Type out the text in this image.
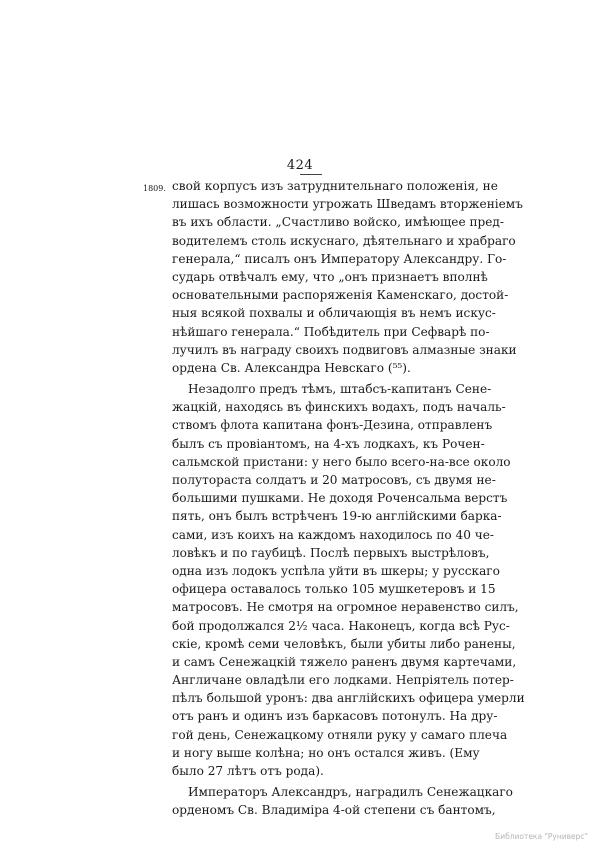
424
1809. свой корпусъ изъ затруднительнаго положенія, не
лишась возможности угрожать Шведамъ вторженіемъ
въ ихъ области. „Счастливо войско, имѣющее пред-
водителемъ столь искуснаго, дѣятельнаго и храбраго
генерала,“ писалъ онъ Императору Александру. Го-
сударь отвѣчалъ ему, что „онъ признаетъ вполнѣ
основательными распоряженія Каменскаго, достой-
ныя всякой похвалы и обличающія въ немъ искус-
нѣйшаго генерала.“ Побѣдитель при Сефварѣ по-
лучилъ въ награду своихъ подвиговъ алмазные знаки
ордена Св. Александра Невскаго (⁵⁵).
Незадолго предъ тѣмъ, штабсъ-капитанъ Сене-
жацкій, находясь въ финскихъ водахъ, подъ началь-
ствомъ флота капитана фонъ-Дезина, отправленъ
былъ съ провіантомъ, на 4-хъ лодкахъ, къ Рочен-
сальмской пристани: у него было всего-на-все около
полутораста солдатъ и 20 матросовъ, съ двумя не-
большими пушками. Не доходя Роченсальма верстъ
пять, онъ былъ встрѣченъ 19-ю англійскими барка-
сами, изъ коихъ на каждомъ находилось по 40 че-
ловѣкъ и по гаубицѣ. Послѣ первыхъ выстрѣловъ,
одна изъ лодокъ успѣла уйти въ шкеры; у русскаго
офицера оставалось только 105 мушкетеровъ и 15
матросовъ. Не смотря на огромное неравенство силъ,
бой продолжался 2½ часа. Наконецъ, когда всѣ Рус-
скіе, кромѣ семи человѣкъ, были убиты либо ранены,
и самъ Сенежацкій тяжело раненъ двумя картечами,
Англичане овладѣли его лодками. Непріятель потер-
пѣлъ большой уронъ: два англійскихъ офицера умерли
отъ ранъ и одинъ изъ баркасовъ потонулъ. На дру-
гой день, Сенежацкому отняли руку у самаго плеча
и ногу выше колѣна; но онъ остался живъ. (Ему
было 27 лѣтъ отъ рода).
Императоръ Александръ, наградилъ Сенежацкаго
орденомъ Св. Владиміра 4-ой степени съ бантомъ,
Библиотека "Руниверс"
